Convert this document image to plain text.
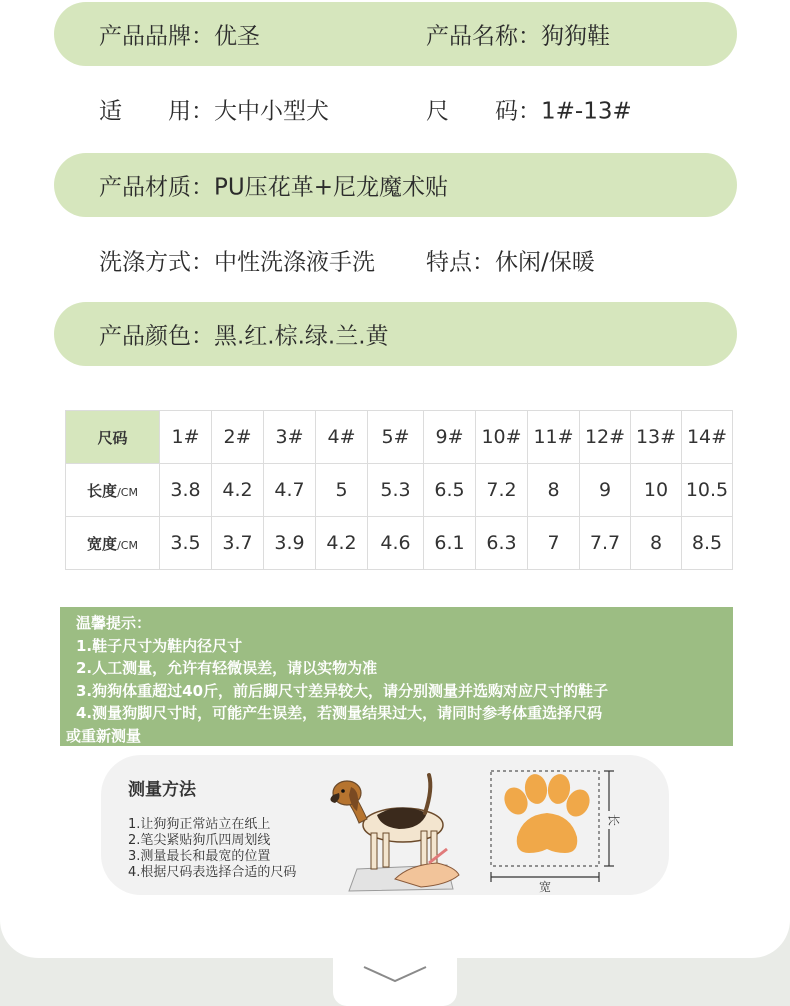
产品品牌：优圣	产品名称：狗狗鞋
适　　用：大中小型犬	尺　　码：1#-13#
产品材质：PU压花革+尼龙魔术贴
洗涤方式：中性洗涤液手洗 特点：休闲/保暖
产品颜色：黑.红.棕.绿.兰.黄
尺码	1#	2#	3#	4#	5#	9#	10#	11#	12#	13#	14#
长度/CM	3.8	4.2	4.7	5	5.3	6.5	7.2	8	9	10	10.5
宽度/CM	3.5	3.7	3.9	4.2	4.6	6.1	6.3	7	7.7	8	8.5
温馨提示：
1.鞋子尺寸为鞋内径尺寸
2.人工测量，允许有轻微误差，请以实物为准
3.狗狗体重超过40斤，前后脚尺寸差异较大，请分别测量并选购对应尺寸的鞋子
4.测量狗脚尺寸时，可能产生误差，若测量结果过大，请同时参考体重选择尺码
或重新测量
测量方法
1.让狗狗正常站立在纸上
2.笔尖紧贴狗爪四周划线
3.测量最长和最宽的位置
4.根据尺码表选择合适的尺码
长
宽
